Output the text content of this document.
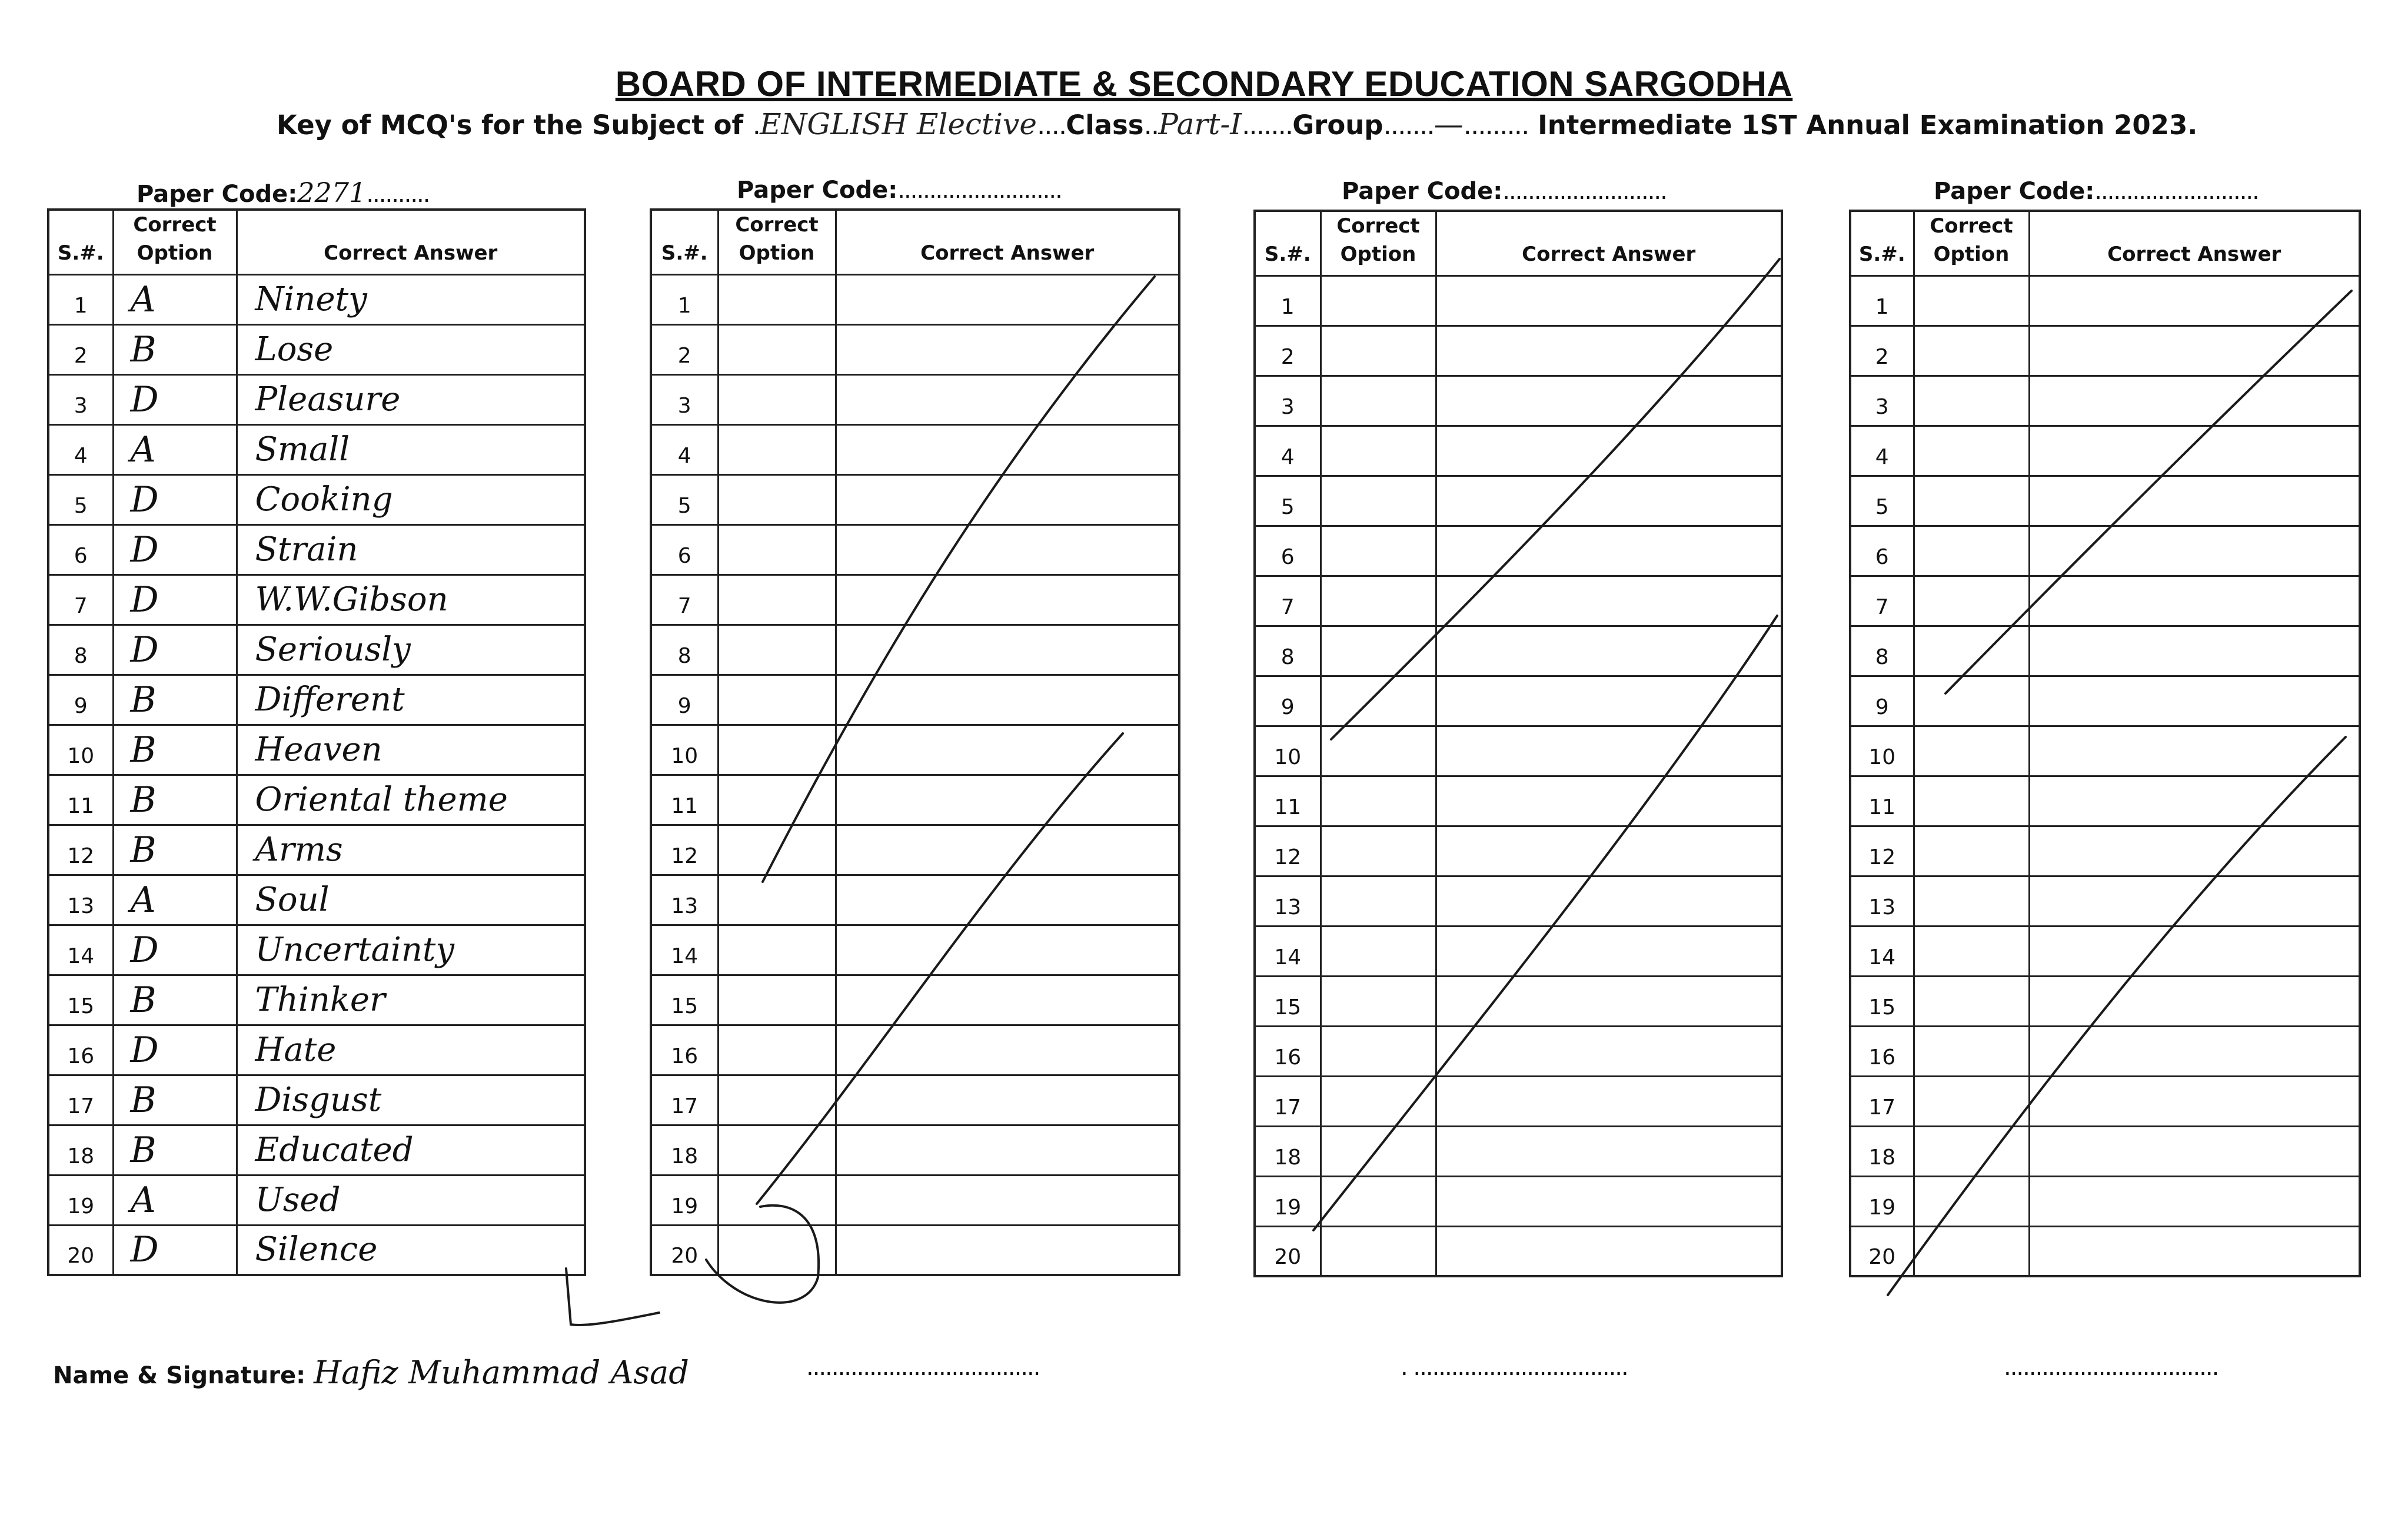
BOARD OF INTERMEDIATE & SECONDARY EDUCATION SARGODHA
Key of MCQ's for the Subject of .ENGLISH Elective....Class..Part-I.......Group.......—......... Intermediate 1ST Annual Examination 2023.
Paper Code:2271..........	Paper Code:..........................	Paper Code:..........................	Paper Code:..........................
S.#.	Correct
Option	Correct Answer
1	A	Ninety
2	B	Lose
3	D	Pleasure
4	A	Small
5	D	Cooking
6	D	Strain
7	D	W.W.Gibson
8	D	Seriously
9	B	Different
10	B	Heaven
11	B	Oriental theme
12	B	Arms
13	A	Soul
14	D	Uncertainty
15	B	Thinker
16	D	Hate
17	B	Disgust
18	B	Educated
19	A	Used
20	D	Silence
S.#.	Correct
Option	Correct Answer
1		
2		
3		
4		
5		
6		
7		
8		
9		
10		
11		
12		
13		
14		
15		
16		
17		
18		
19		
20		
S.#.	Correct
Option	Correct Answer
1		
2		
3		
4		
5		
6		
7		
8		
9		
10		
11		
12		
13		
14		
15		
16		
17		
18		
19		
20		
S.#.	Correct
Option	Correct Answer
1		
2		
3		
4		
5		
6		
7		
8		
9		
10		
11		
12		
13		
14		
15		
16		
17		
18		
19		
20		
Name & Signature: Hafiz Muhammad Asad	.....................................	. ..................................	..................................
